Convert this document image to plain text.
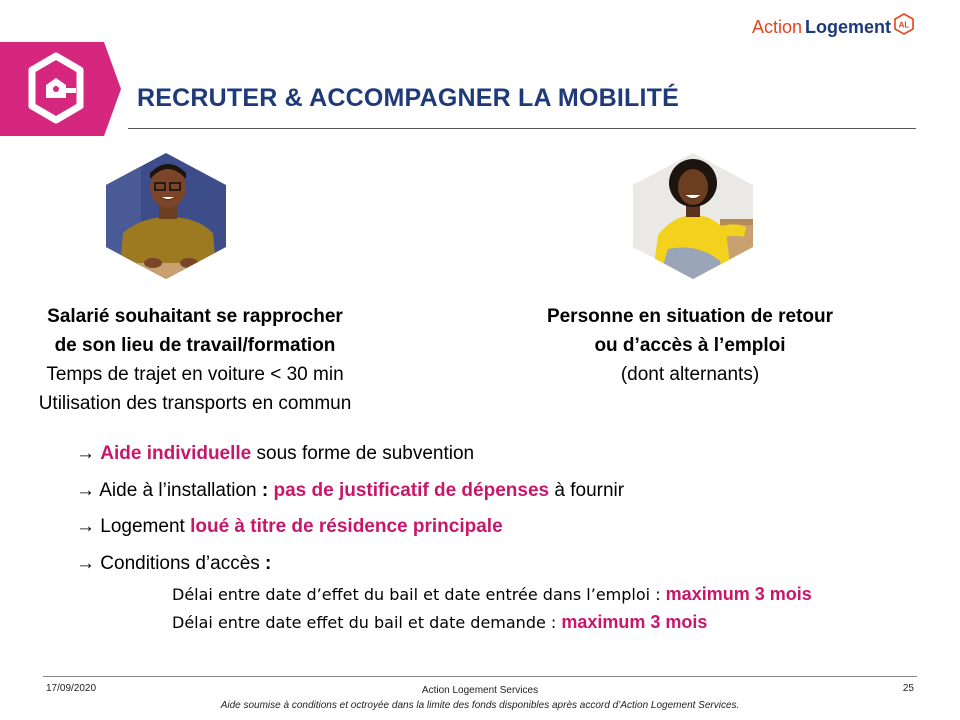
RECRUTER & ACCOMPAGNER LA MOBILITÉ
Action Logement AL
Salarié souhaitant se rapprocher
de son lieu de travail/formation
Temps de trajet en voiture < 30 min
Utilisation des transports en commun
Personne en situation de retour
ou d’accès à l’emploi
(dont alternants)
→ Aide individuelle sous forme de subvention
→ Aide à l’installation : pas de justificatif de dépenses à fournir
→ Logement loué à titre de résidence principale
→ Conditions d’accès :
Délai entre date d’effet du bail et date entrée dans l’emploi : maximum 3 mois
Délai entre date effet du bail et date demande : maximum 3 mois
17/09/2020	Action Logement Services	25
Aide soumise à conditions et octroyée dans la limite des fonds disponibles après accord d’Action Logement Services.
